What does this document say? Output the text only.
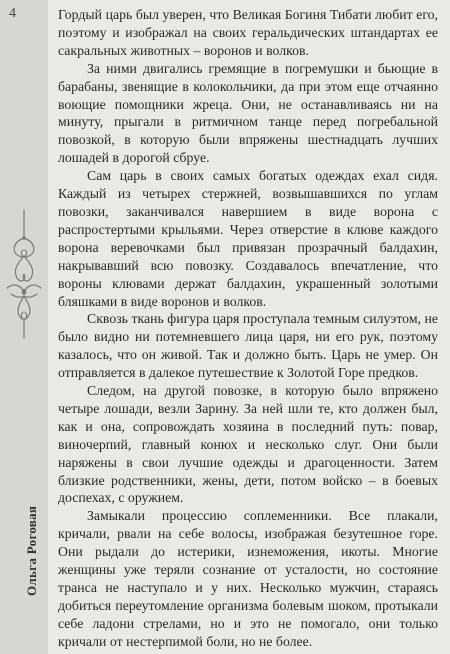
4
Ольга Роговая

Гордый царь был уверен, что Великая Богиня Тибати любит его, поэтому и изображал на своих геральдических штандартах ее сакральных животных – воронов и волков.

За ними двигались гремящие в погремушки и бьющие в барабаны, звенящие в колокольчики, да при этом еще отчаянно воющие помощники жреца. Они, не останавливаясь ни на минуту, прыгали в ритмичном танце перед погребальной повозкой, в которую были впряжены шестнадцать лучших лошадей в дорогой сбруе.

Сам царь в своих самых богатых одеждах ехал сидя. Каждый из четырех стержней, возвышавшихся по углам повозки, заканчивался навершием в виде ворона с распростертыми крыльями. Через отверстие в клюве каждого ворона веревочками был привязан прозрачный балдахин, накрывавший всю повозку. Создавалось впечатление, что вороны клювами держат балдахин, украшенный золотыми бляшками в виде воронов и волков.

Сквозь ткань фигура царя проступала темным силуэтом, не было видно ни потемневшего лица царя, ни его рук, поэтому казалось, что он живой. Так и должно быть. Царь не умер. Он отправляется в далекое путешествие к Золотой Горе предков.

Следом, на другой повозке, в которую было впряжено четыре лошади, везли Зарину. За ней шли те, кто должен был, как и она, сопровождать хозяина в последний путь: повар, виночерпий, главный конюх и несколько слуг. Они были наряжены в свои лучшие одежды и драгоценности. Затем близкие родственники, жены, дети, потом войско – в боевых доспехах, с оружием.

Замыкали процессию соплеменники. Все плакали, кричали, рвали на себе волосы, изображая безутешное горе. Они рыдали до истерики, изнеможения, икоты. Многие женщины уже теряли сознание от усталости, но состояние транса не наступало и у них. Несколько мужчин, стараясь добиться переутомление организма болевым шоком, протыкали себе ладони стрелами, но и это не помогало, они только кричали от нестерпимой боли, но не более.
